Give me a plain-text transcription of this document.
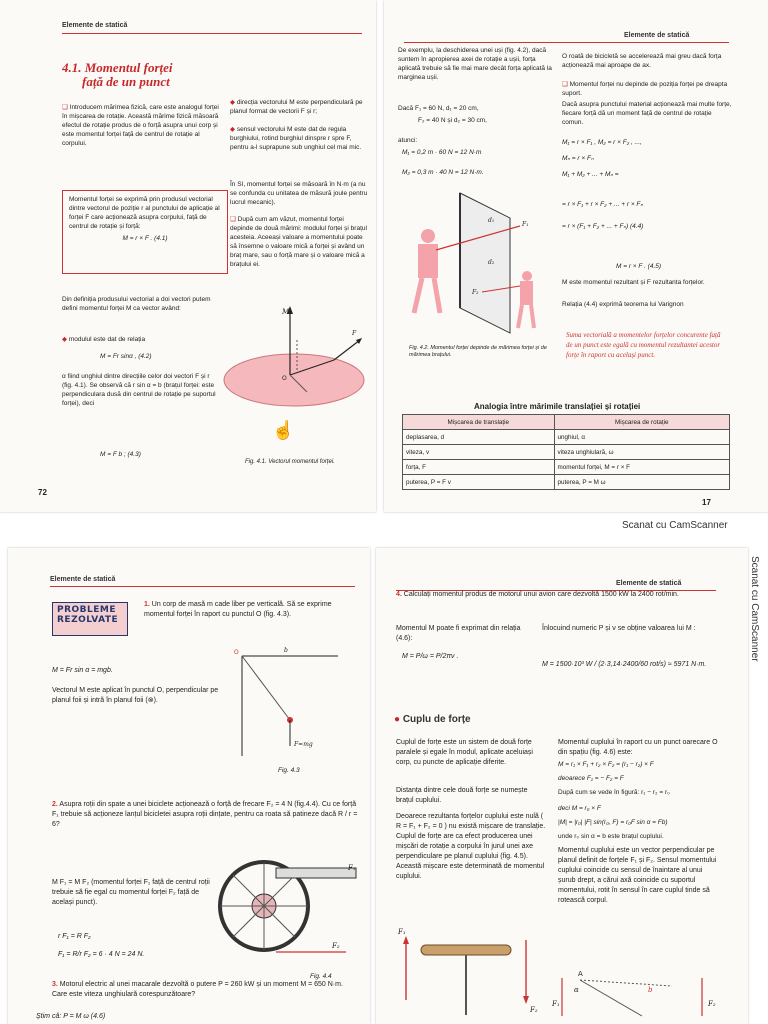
Elemente de statică
4.1. Momentul forței
față de un punct
❑ Introducem mărimea fizică, care este analogul forței în mișcarea de rotație. Această mărime fizică măsoară efectul de rotație produs de o forță asupra unui corp și este momentul forței față de centrul de rotație al corpului.
Momentul forței se exprimă prin produsul vectorial dintre vectorul de poziție r al punctului de aplicație al forței F care acționează asupra corpului, față de centrul de rotație și forță:
M = r × F . (4.1)
Din definiția produsului vectorial a doi vectori putem defini momentul forței M ca vector având:
◆ modulul este dat de relația
M = Fr sinα , (4.2)
α fiind unghiul dintre direcțiile celor doi vectori F și r (fig. 4.1). Se observă că r sin α = b (brațul forței: este perpendiculara dusă din centrul de rotație pe suportul forței), deci
M = F b ; (4.3)
◆ direcția vectorului M este perpendiculară pe planul format de vectorii F și r;
◆ sensul vectorului M este dat de regula burghiului, rotind burghiul dinspre r spre F, pentru a-l suprapune sub unghiul cel mai mic.
În SI, momentul forței se măsoară în N·m (a nu se confunda cu unitatea de măsură joule pentru lucrul mecanic).
❑ După cum am văzut, momentul forței depinde de două mărimi: modulul forței și brațul acesteia. Aceeași valoare a momentului poate să însemne o valoare mică a forței și având un braț mare, sau o forță mare și o valoare mică a brațului ei.
M
O
F
☝
Fig. 4.1. Vectorul momentul forței.
72
Elemente de statică
De exemplu, la deschiderea unei uși (fig. 4.2), dacă suntem în apropierea axei de rotație a ușii, forța aplicată trebuie să fie mai mare decât forța aplicată la marginea ușii.
Dacă F₁ = 60 N, d₁ = 20 cm,
F₂ = 40 N și d₂ = 30 cm,
atunci:
M₁ = 0,2 m · 60 N = 12 N·m
M₂ = 0,3 m · 40 N = 12 N·m.
d₁
F₁
d₂
F₂
Fig. 4.2. Momentul forței depinde de mărimea forței și de mărimea brațului.
O roată de bicicletă se accelerează mai greu dacă forța acționează mai aproape de ax.
❑ Momentul forței nu depinde de poziția forței pe dreapta suport.
Dacă asupra punctului material acționează mai multe forțe, fiecare forță dă un moment față de centrul de rotație comun.
M₁ = r × F₁ , M₂ = r × F₂ , ...,
Mₙ = r × Fₙ
M₁ + M₂ + ... + Mₙ =
= r × F₁ + r × F₂ + ... + r × Fₙ
= r × (F₁ + F₂ + ... + Fₙ) (4.4)
M = r × F . (4.5)
M este momentul rezultant și F rezultanta forțelor.
Relația (4.4) exprimă teorema lui Varignon
Suma vectorială a momentelor forțelor concurente față de un punct este egală cu momentul rezultantei acestor forțe în raport cu același punct.
Analogia între mărimile translației și rotației
Mișcarea de translație	Mișcarea de rotație
deplasarea, d	unghiul, α
viteza, v	viteza unghiulară, ω
forța, F	momentul forței, M = r × F
puterea, P = F v	puterea, P = M ω
17
Scanat cu CamScanner
Elemente de statică
PROBLEME
REZOLVATE
1. Un corp de masă m cade liber pe verticală. Să se exprime momentul forței în raport cu punctul O (fig. 4.3).
M = Fr sin α = mgb.
Vectorul M este aplicat în punctul O, perpendicular pe planul foii și intră în planul foii (⊗).
O	b
F=mg
Fig. 4.3
2. Asupra roții din spate a unei biciclete acționează o forță de frecare F₂ = 4 N (fig.4.4). Cu ce forță F₁ trebuie să acționeze lanțul bicicletei asupra roții dințate, pentru ca roata să patineze dacă R / r = 6?
M F₁ = M F₂ (momentul forței F₁ față de centrul roții trebuie să fie egal cu momentul forței F₂ față de același punct).
r F₁ = R F₂
F₁ = R/r F₂ = 6 · 4 N = 24 N.
F₁
F₂
Fig. 4.4
3. Motorul electric al unei macarale dezvoltă o putere P = 260 kW și un moment M = 650 N·m. Care este viteza unghiulară corespunzătoare?
Știm că: P = M ω (4.6)
Elemente de statică
4. Calculați momentul produs de motorul unui avion care dezvoltă 1500 kW la 2400 rot/min.
Momentul M poate fi exprimat din relația (4.6):
M = P/ω = P/2πν .
Înlocuind numeric P și ν se obține valoarea lui M :
M = 1500·10³ W / (2·3,14·2400/60 rot/s) ≈ 5971 N·m.
● Cuplu de forțe
Cuplul de forțe este un sistem de două forțe paralele și egale în modul, aplicate aceluiași corp, cu puncte de aplicație diferite.
Distanța dintre cele două forțe se numește brațul cuplului.
Deoarece rezultanta forțelor cuplului este nulă ( R = F₁ + F₂ = 0 ) nu există mișcare de translație. Cuplul de forțe are ca efect producerea unei mișcări de rotație a corpului în jurul unei axe perpendiculare pe planul cuplului (fig. 4.5). Această mișcare este determinată de momentul cuplului.
F₁
F₂
Momentul cuplului în raport cu un punct oarecare O din spațiu (fig. 4.6) este:
M = r₁ × F₁ + r₂ × F₂ = (r₁ − r₂) × F
deoarece F₁ = − F₂ = F
După cum se vede în figură: r₁ − r₂ = r₀
deci M = r₀ × F
|M| = |r₀| |F| sin(r₀, F) = r₀F sin α = Fb)
unde r₀ sin α = b este brațul cuplului.
Momentul cuplului este un vector perpendicular pe planul definit de forțele F₁ și F₂. Sensul momentului cuplului coincide cu sensul de înaintare al unui șurub drept, a cărui axă coincide cu suportul momentului, rotit în sensul în care cuplul tinde să rotească corpul.
A
α	b
F₁	F₂
Scanat cu CamScanner
